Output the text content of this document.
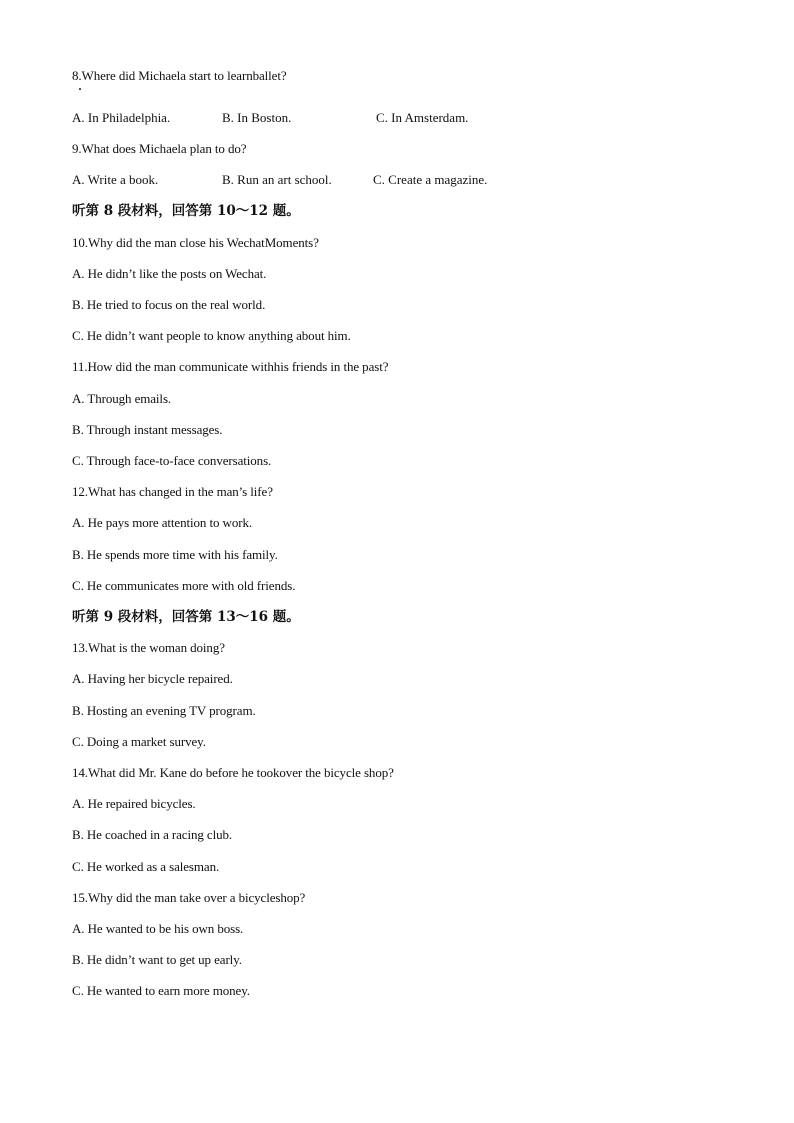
8.Where did Michaela start to learnballet?
A. In Philadelphia.	B. In Boston.	C. In Amsterdam.
9.What does Michaela plan to do?
A. Write a book.	B. Run an art school.	C. Create a magazine.
听第 8 段材料，回答第 10～12 题。
10.Why did the man close his WechatMoments?
A. He didn’t like the posts on Wechat.
B. He tried to focus on the real world.
C. He didn’t want people to know anything about him.
11.How did the man communicate withhis friends in the past?
A. Through emails.
B. Through instant messages.
C. Through face-to-face conversations.
12.What has changed in the man’s life?
A. He pays more attention to work.
B. He spends more time with his family.
C. He communicates more with old friends.
听第 9 段材料，回答第 13～16 题。
13.What is the woman doing?
A. Having her bicycle repaired.
B. Hosting an evening TV program.
C. Doing a market survey.
14.What did Mr. Kane do before he tookover the bicycle shop?
A. He repaired bicycles.
B. He coached in a racing club.
C. He worked as a salesman.
15.Why did the man take over a bicycleshop?
A. He wanted to be his own boss.
B. He didn’t want to get up early.
C. He wanted to earn more money.
